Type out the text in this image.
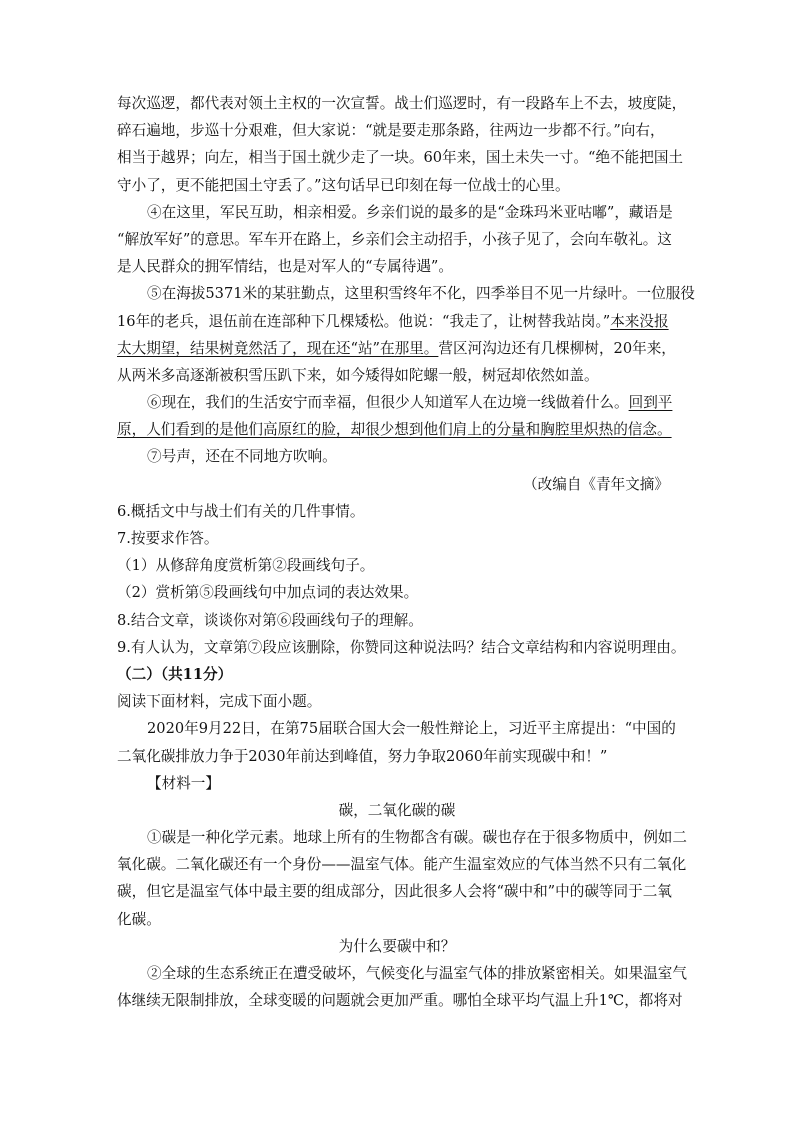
每次巡逻，都代表对领土主权的一次宣誓。战士们巡逻时，有一段路车上不去，坡度陡，
碎石遍地，步巡十分艰难，但大家说：“就是要走那条路，往两边一步都不行。”向右，
相当于越界；向左，相当于国土就少走了一块。60年来，国土未失一寸。“绝不能把国土
守小了，更不能把国土守丢了。”这句话早已印刻在每一位战士的心里。
④在这里，军民互助，相亲相爱。乡亲们说的最多的是“金珠玛米亚咕嘟”，藏语是
“解放军好”的意思。军车开在路上，乡亲们会主动招手，小孩子见了，会向车敬礼。这
是人民群众的拥军情结，也是对军人的“专属待遇”。
⑤在海拔5371米的某驻勤点，这里积雪终年不化，四季举目不见一片绿叶。一位服役
16年的老兵，退伍前在连部种下几棵矮松。他说：“我走了，让树替我站岗。”本来没报
太大期望，结果树竟然活了，现在还“站”在那里。营区河沟边还有几棵柳树，20年来，
从两米多高逐渐被积雪压趴下来，如今矮得如陀螺一般，树冠却依然如盖。
⑥现在，我们的生活安宁而幸福，但很少人知道军人在边境一线做着什么。回到平
原，人们看到的是他们高原红的脸，却很少想到他们肩上的分量和胸腔里炽热的信念。
⑦号声，还在不同地方吹响。
（改编自《青年文摘》
6.概括文中与战士们有关的几件事情。
7.按要求作答。
（1）从修辞角度赏析第②段画线句子。
（2）赏析第⑤段画线句中加点词的表达效果。
8.结合文章，谈谈你对第⑥段画线句子的理解。
9.有人认为，文章第⑦段应该删除，你赞同这种说法吗？结合文章结构和内容说明理由。
（二）（共11分）
阅读下面材料，完成下面小题。
2020年9月22日，在第75届联合国大会一般性辩论上，习近平主席提出：“中国的
二氧化碳排放力争于2030年前达到峰值，努力争取2060年前实现碳中和！”
【材料一】
碳，二氧化碳的碳
①碳是一种化学元素。地球上所有的生物都含有碳。碳也存在于很多物质中，例如二
氧化碳。二氧化碳还有一个身份——温室气体。能产生温室效应的气体当然不只有二氧化
碳，但它是温室气体中最主要的组成部分，因此很多人会将“碳中和”中的碳等同于二氧
化碳。
为什么要碳中和？
②全球的生态系统正在遭受破坏，气候变化与温室气体的排放紧密相关。如果温室气
体继续无限制排放，全球变暖的问题就会更加严重。哪怕全球平均气温上升1℃，都将对
